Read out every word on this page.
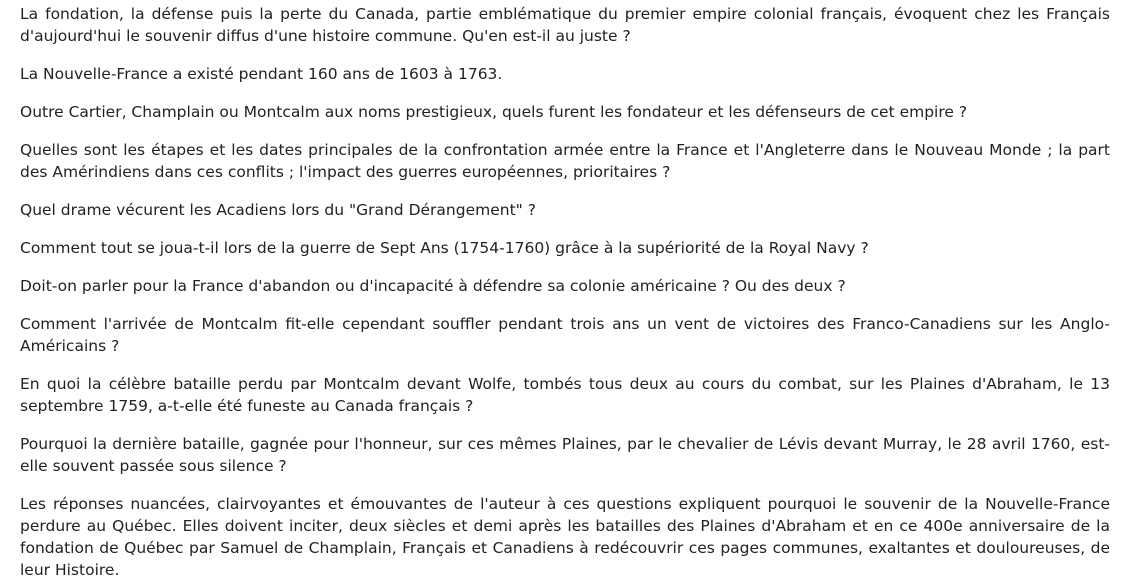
La fondation, la défense puis la perte du Canada, partie emblématique du premier empire colonial français, évoquent chez les Français d'aujourd'hui le souvenir diffus d'une histoire commune. Qu'en est-il au juste ?

La Nouvelle-France a existé pendant 160 ans de 1603 à 1763.

Outre Cartier, Champlain ou Montcalm aux noms prestigieux, quels furent les fondateur et les défenseurs de cet empire ?

Quelles sont les étapes et les dates principales de la confrontation armée entre la France et l'Angleterre dans le Nouveau Monde ; la part des Amérindiens dans ces conflits ; l'impact des guerres européennes, prioritaires ?

Quel drame vécurent les Acadiens lors du "Grand Dérangement" ?

Comment tout se joua-t-il lors de la guerre de Sept Ans (1754-1760) grâce à la supériorité de la Royal Navy ?

Doit-on parler pour la France d'abandon ou d'incapacité à défendre sa colonie américaine ? Ou des deux ?

Comment l'arrivée de Montcalm fit-elle cependant souffler pendant trois ans un vent de victoires des Franco-Canadiens sur les Anglo-Américains ?

En quoi la célèbre bataille perdu par Montcalm devant Wolfe, tombés tous deux au cours du combat, sur les Plaines d'Abraham, le 13 septembre 1759, a-t-elle été funeste au Canada français ?

Pourquoi la dernière bataille, gagnée pour l'honneur, sur ces mêmes Plaines, par le chevalier de Lévis devant Murray, le 28 avril 1760, est-elle souvent passée sous silence ?

Les réponses nuancées, clairvoyantes et émouvantes de l'auteur à ces questions expliquent pourquoi le souvenir de la Nouvelle-France perdure au Québec. Elles doivent inciter, deux siècles et demi après les batailles des Plaines d'Abraham et en ce 400e anniversaire de la fondation de Québec par Samuel de Champlain, Français et Canadiens à redécouvrir ces pages communes, exaltantes et douloureuses, de leur Histoire.
